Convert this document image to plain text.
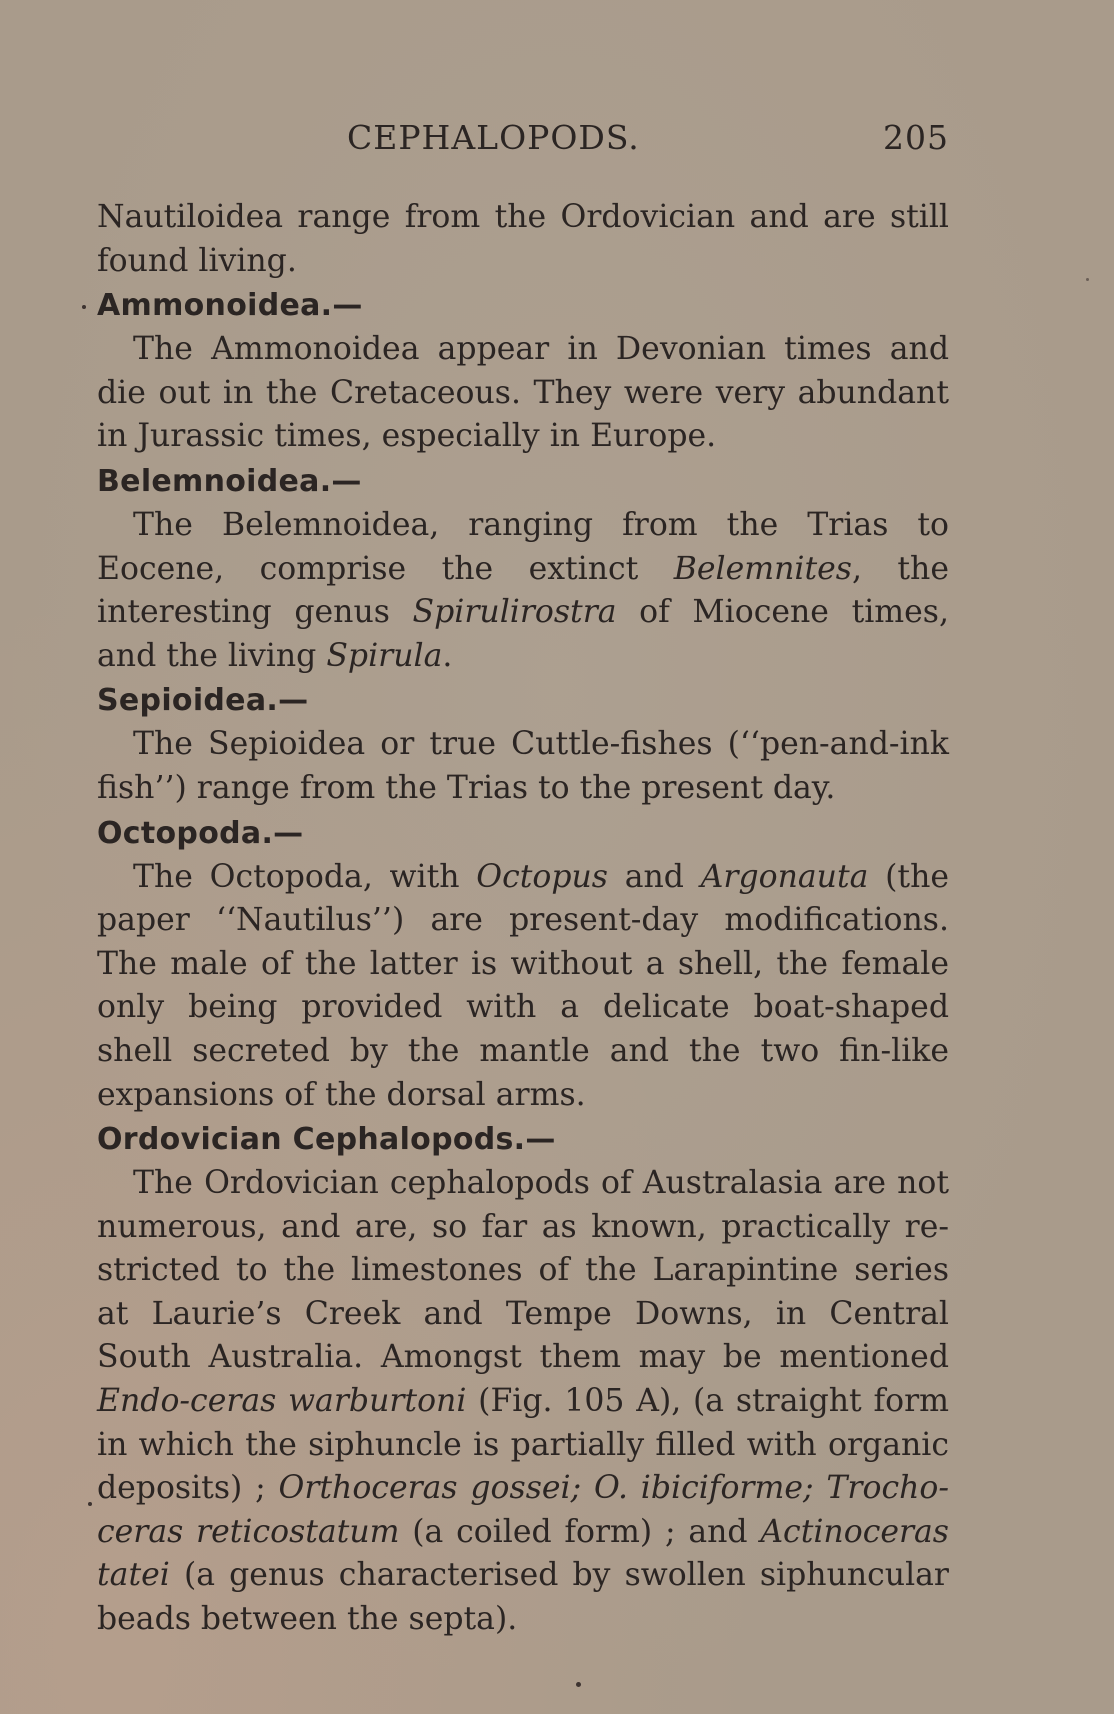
CEPHALOPODS.	205

Nautiloidea range from the Ordovician and are still found living.

Ammonoidea.—

The Ammonoidea appear in Devonian times and die out in the Cretaceous. They were very abundant in Jurassic times, especially in Europe.

Belemnoidea.—

The Belemnoidea, ranging from the Trias to Eocene, comprise the extinct Belemnites, the interesting genus Spirulirostra of Miocene times, and the living Spirula.

Sepioidea.—

The Sepioidea or true Cuttle-fishes (‘‘pen-and-ink fish’’) range from the Trias to the present day.

Octopoda.—

The Octopoda, with Octopus and Argonauta (the paper ‘‘Nautilus’’) are present-day modifications. The male of the latter is without a shell, the female only being provided with a delicate boat-shaped shell secreted by the mantle and the two fin-like expansions of the dorsal arms.

Ordovician Cephalopods.—

The Ordovician cephalopods of Australasia are not numerous, and are, so far as known, practically re-stricted to the limestones of the Larapintine series at Laurie’s Creek and Tempe Downs, in Central South Australia. Amongst them may be mentioned Endo-ceras warburtoni (Fig. 105 A), (a straight form in which the siphuncle is partially filled with organic deposits) ; Orthoceras gossei; O. ibiciforme; Trocho-ceras reticostatum (a coiled form) ; and Actinoceras tatei (a genus characterised by swollen siphuncular beads between the septa).
